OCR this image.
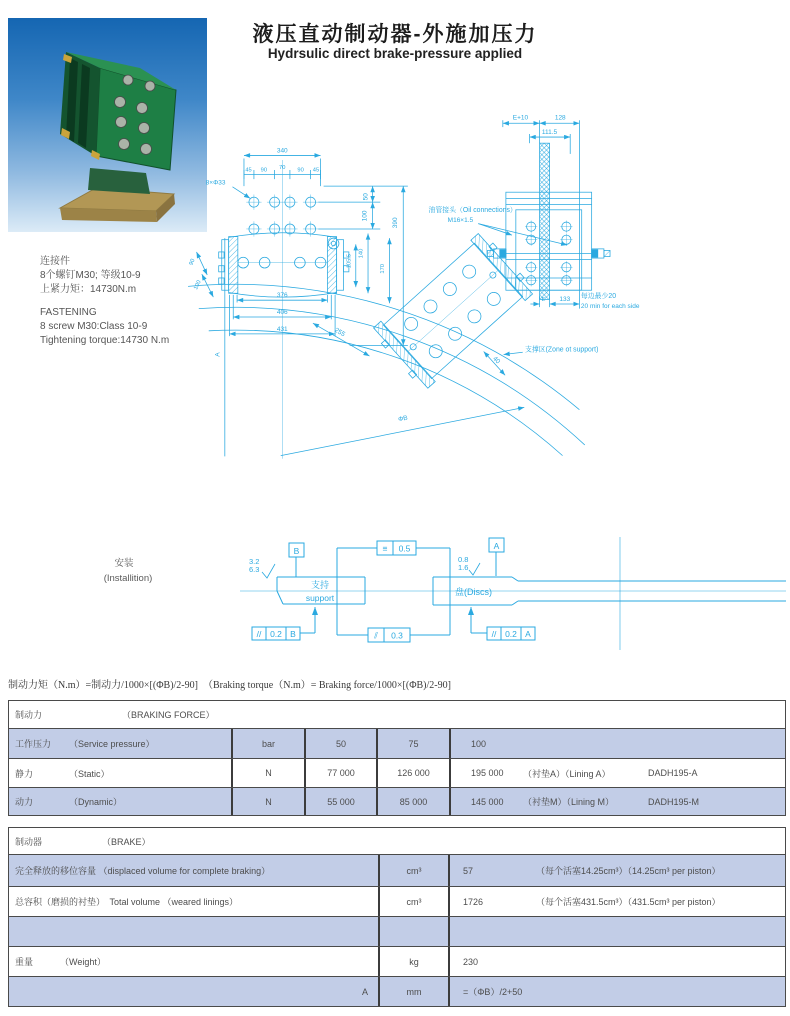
液压直动制动器-外施加压力
Hydrsulic direct brake-pressure applied
连接件
8个螺钉M30; 等级10-9
上紧力矩：14730N.m
FASTENING
8 screw M30:Class 10-9
Tightening torque:14730 N.m
340
45 90 70 90 45
8×Φ33
50
100
390
105.5
140
170
376
406
431
A
90
100
255
ΦB
40
E+10	128
111.5
E 133
油管接头（Oil connections）
M16×1.5
支撑区(Zone ot support)
每边最少20
20 min for each side
安装
(Installition)
B
3.2
6.3
支持
support
// 0.2 B
≡ 0.5
⫽ 0.3
A
0.8
1.6
盘(Discs)
// 0.2 A
制动力矩（N.m）=制动力/1000×[(ΦB)/2-90]　（Braking torque（N.m）= Braking force/1000×[(ΦB)/2-90]
制动力	（BRAKING FORCE）
工作压力	（Service pressure）	bar	50	75	100
静力	（Static）	N	77 000	126 000	195 000	（衬垫A）（Lining A）	DADH195-A
动力	（Dynamic）	N	55 000	85 000	145 000	（衬垫M）（Lining M）	DADH195-M
制动器	（BRAKE）
完全释放的移位容量 （displaced volume for complete braking）	cm³	57	（每个活塞14.25cm³）（14.25cm³ per piston）
总容积（磨损的衬垫）　Total volume （weared linings）	cm³	1726	（每个活塞431.5cm³）（431.5cm³ per piston）
重量	（Weight）	kg	230
A	mm	=（ΦB）/2+50
